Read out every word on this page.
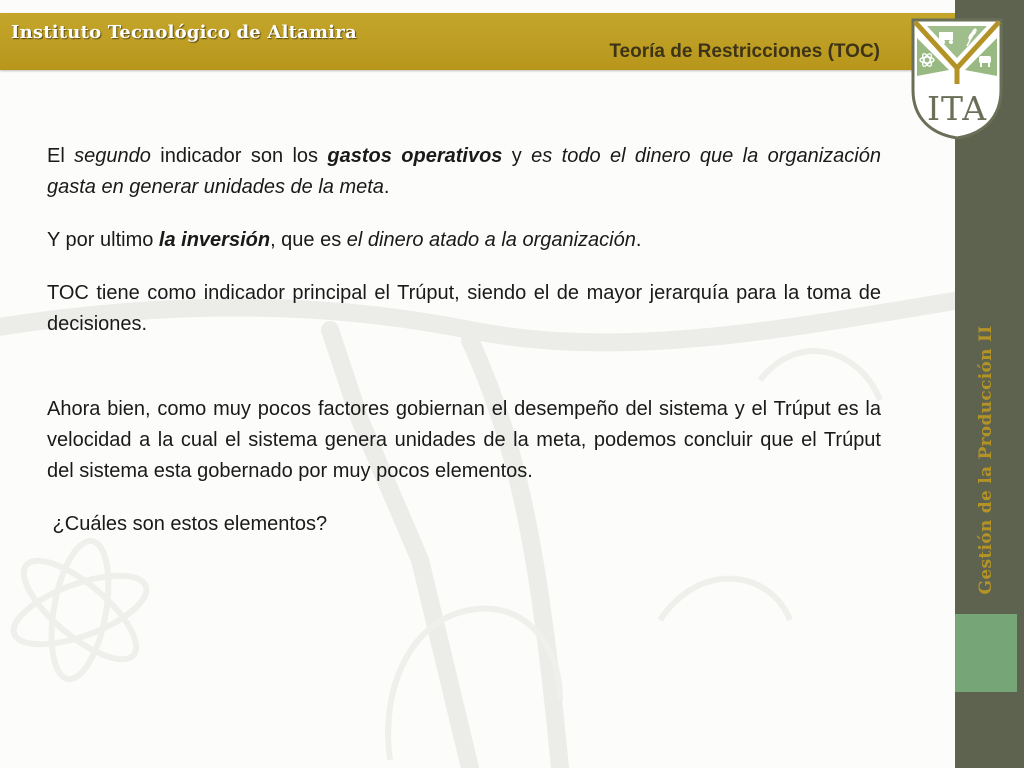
Instituto Tecnológico de Altamira
Teoría de Restricciones (TOC)
Gestión de la Producción II
ITA

El segundo indicador son los gastos operativos y es todo el dinero que la organización gasta en generar unidades de la meta.

Y por ultimo la inversión, que es el dinero atado a la organización.

TOC tiene como indicador principal el Trúput, siendo el de mayor jerarquía para la toma de decisiones.

Ahora bien, como muy pocos factores gobiernan el desempeño del sistema y el Trúput es la velocidad a la cual el sistema genera unidades de la meta, podemos concluir que el Trúput del sistema esta gobernado por muy pocos elementos.

¿Cuáles son estos elementos?
